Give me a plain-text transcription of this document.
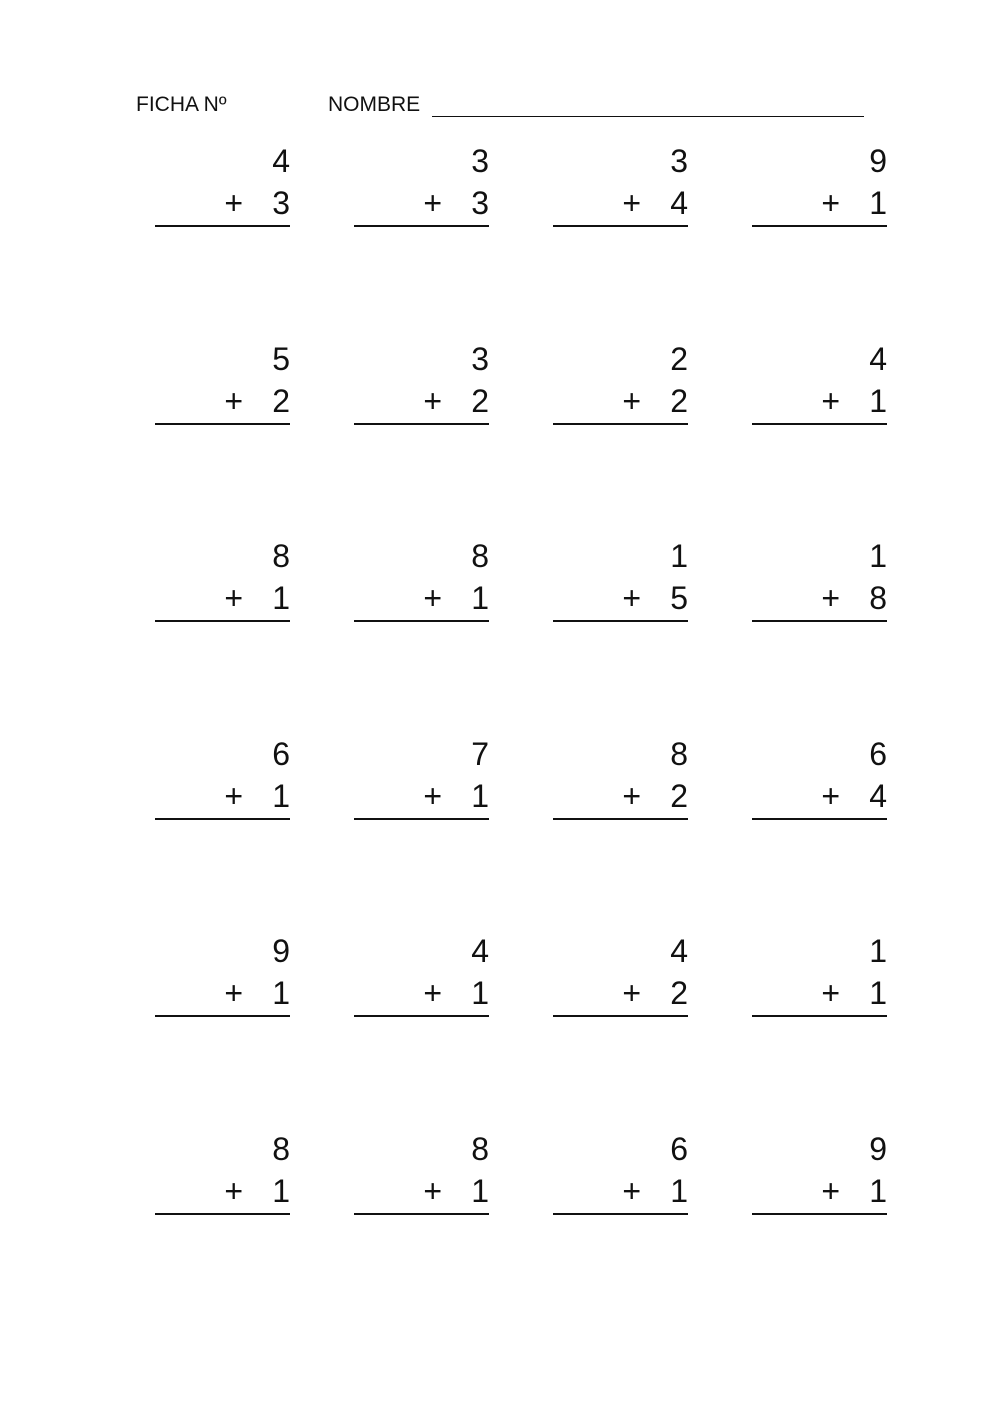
FICHA Nº	NOMBRE
4
+ 3
3
+ 3
3
+ 4
9
+ 1
5
+ 2
3
+ 2
2
+ 2
4
+ 1
8
+ 1
8
+ 1
1
+ 5
1
+ 8
6
+ 1
7
+ 1
8
+ 2
6
+ 4
9
+ 1
4
+ 1
4
+ 2
1
+ 1
8
+ 1
8
+ 1
6
+ 1
9
+ 1
